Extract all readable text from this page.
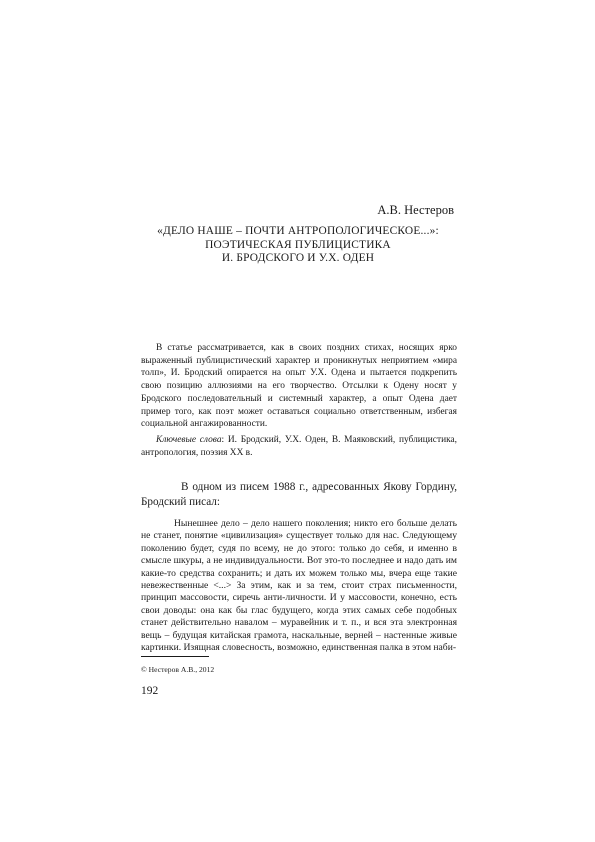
А.В. Нестеров
«ДЕЛО НАШЕ – ПОЧТИ АНТРОПОЛОГИЧЕСКОЕ...»:
ПОЭТИЧЕСКАЯ ПУБЛИЦИСТИКА
И. БРОДСКОГО И У.Х. ОДЕН

В статье рассматривается, как в своих поздних стихах, носящих ярко выраженный публицистический характер и проникнутых неприятием «мира толп», И. Бродский опирается на опыт У.Х. Одена и пытается подкрепить свою позицию аллюзиями на его творчество. Отсылки к Одену носят у Бродского последовательный и системный характер, а опыт Одена дает пример того, как поэт может оставаться социально ответственным, избегая социальной ангажированности.

Ключевые слова: И. Бродский, У.Х. Оден, В. Маяковский, публицистика, антропология, поэзия XX в.

В одном из писем 1988 г., адресованных Якову Гордину, Бродский писал:

Нынешнее дело – дело нашего поколения; никто его больше делать не станет, понятие «цивилизация» существует только для нас. Следующему поколению будет, судя по всему, не до этого: только до себя, и именно в смысле шкуры, а не индивидуальности. Вот это-то последнее и надо дать им какие-то средства сохранить; и дать их можем только мы, вчера еще такие невежественные <...> За этим, как и за тем, стоит страх письменности, принцип массовости, сиречь анти-личности. И у массовости, конечно, есть свои доводы: она как бы глас будущего, когда этих самых себе подобных станет действительно навалом – муравейник и т. п., и вся эта электронная вещь – будущая китайская грамота, наскальные, верней – настенные живые картинки. Изящная словесность, возможно, единственная палка в этом наби-

© Нестеров А.В., 2012
192
